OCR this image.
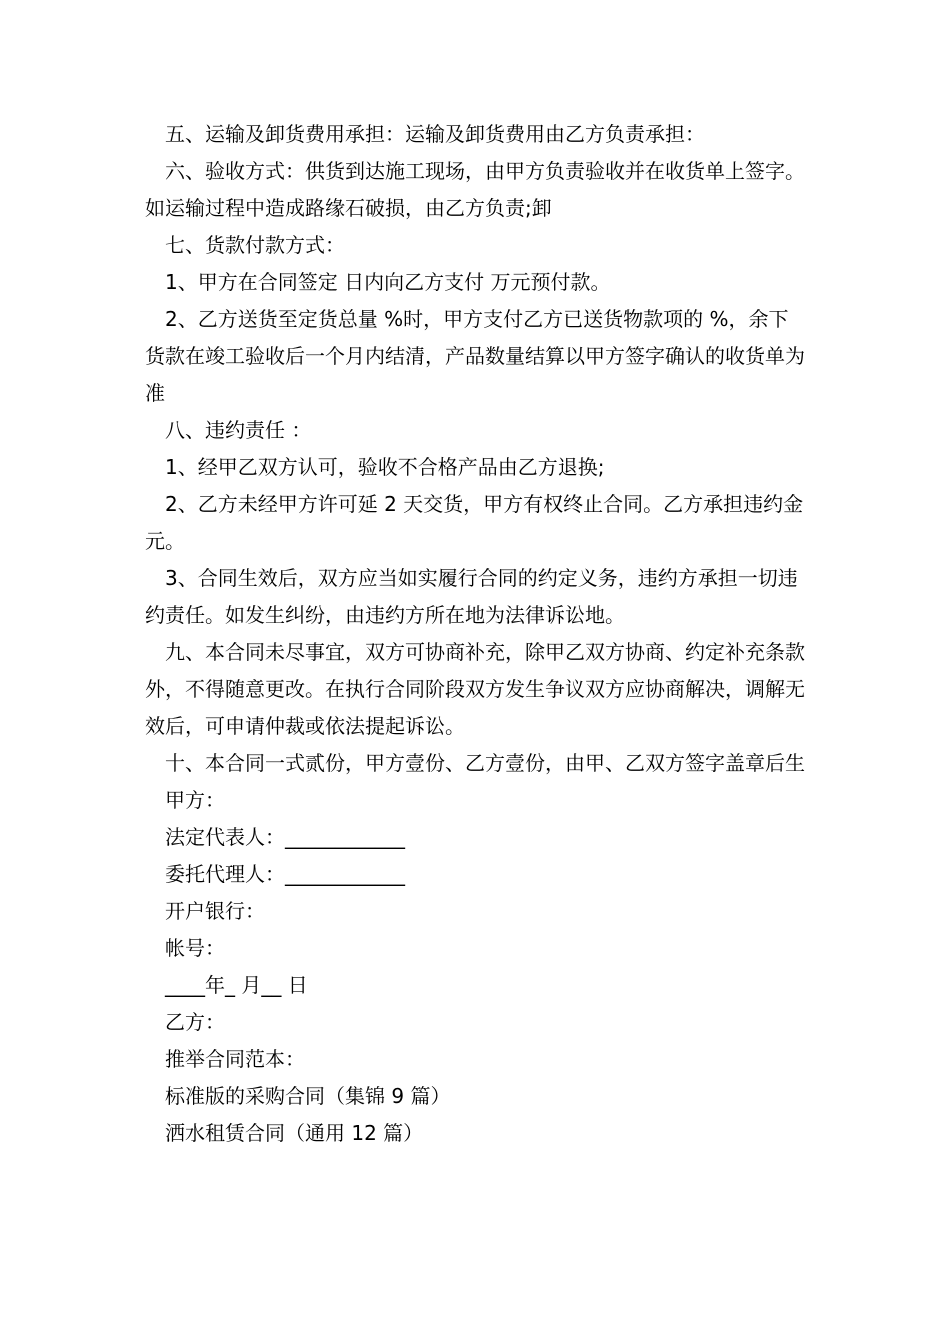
五、运输及卸货费用承担：运输及卸货费用由乙方负责承担：

六、验收方式：供货到达施工现场，由甲方负责验收并在收货单上签字。如运输过程中造成路缘石破损，由乙方负责;卸

七、货款付款方式：

1、甲方在合同签定 日内向乙方支付 万元预付款。

2、乙方送货至定货总量 %时，甲方支付乙方已送货物款项的 %，余下货款在竣工验收后一个月内结清，产品数量结算以甲方签字确认的收货单为准

八、违约责任 ：

1、经甲乙双方认可，验收不合格产品由乙方退换;

2、乙方未经甲方许可延 2 天交货，甲方有权终止合同。乙方承担违约金 元。

3、合同生效后，双方应当如实履行合同的约定义务，违约方承担一切违约责任。如发生纠纷，由违约方所在地为法律诉讼地。

九、本合同未尽事宜，双方可协商补充，除甲乙双方协商、约定补充条款外，不得随意更改。在执行合同阶段双方发生争议双方应协商解决，调解无效后，可申请仲裁或依法提起诉讼。

十、本合同一式贰份，甲方壹份、乙方壹份，由甲、乙双方签字盖章后生

甲方：

法定代表人：____________

委托代理人：____________

开户银行：

帐号：

____年_ 月__ 日

乙方：

推举合同范本：

标准版的采购合同（集锦 9 篇）

洒水租赁合同（通用 12 篇）
